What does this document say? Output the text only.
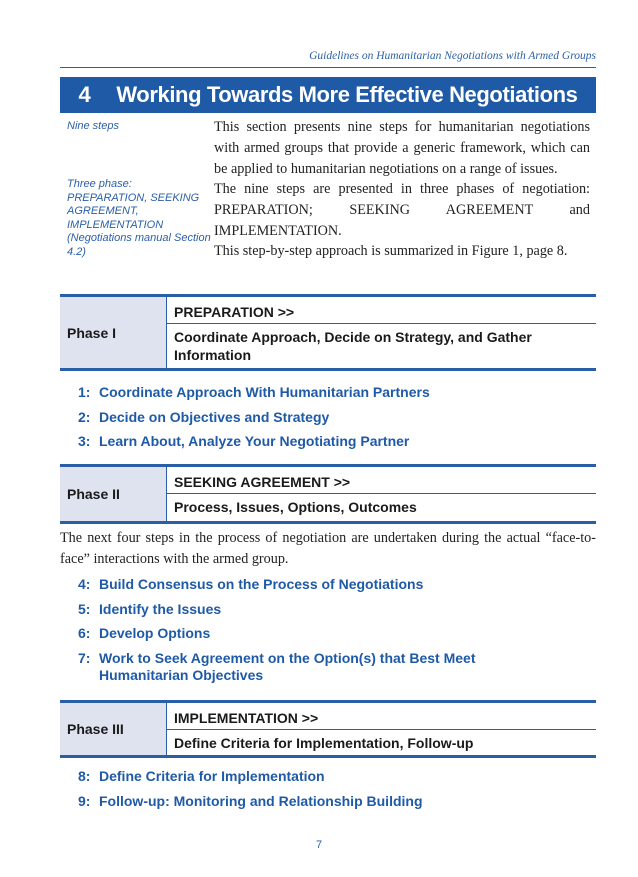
Guidelines on Humanitarian Negotiations with Armed Groups
4 Working Towards More Effective Negotiations
Nine steps
Three phase: PREPARATION, SEEKING AGREEMENT, IMPLEMENTATION (Negotiations manual Section 4.2)
This section presents nine steps for humanitarian negotiations with armed groups that provide a generic framework, which can be applied to humanitarian negotiations on a range of issues.
The nine steps are presented in three phases of negotiation: PREPARATION; SEEKING AGREEMENT and IMPLEMENTATION.
This step-by-step approach is summarized in Figure 1, page 8.
Phase I
PREPARATION >>
Coordinate Approach, Decide on Strategy, and Gather Information
1: Coordinate Approach With Humanitarian Partners
2: Decide on Objectives and Strategy
3: Learn About, Analyze Your Negotiating Partner
Phase II
SEEKING AGREEMENT >>
Process, Issues, Options, Outcomes
The next four steps in the process of negotiation are undertaken during the actual “face-to-face” interactions with the armed group.
4: Build Consensus on the Process of Negotiations
5: Identify the Issues
6: Develop Options
7: Work to Seek Agreement on the Option(s) that Best Meet Humanitarian Objectives
Phase III
IMPLEMENTATION >>
Define Criteria for Implementation, Follow-up
8: Define Criteria for Implementation
9: Follow-up: Monitoring and Relationship Building
7
